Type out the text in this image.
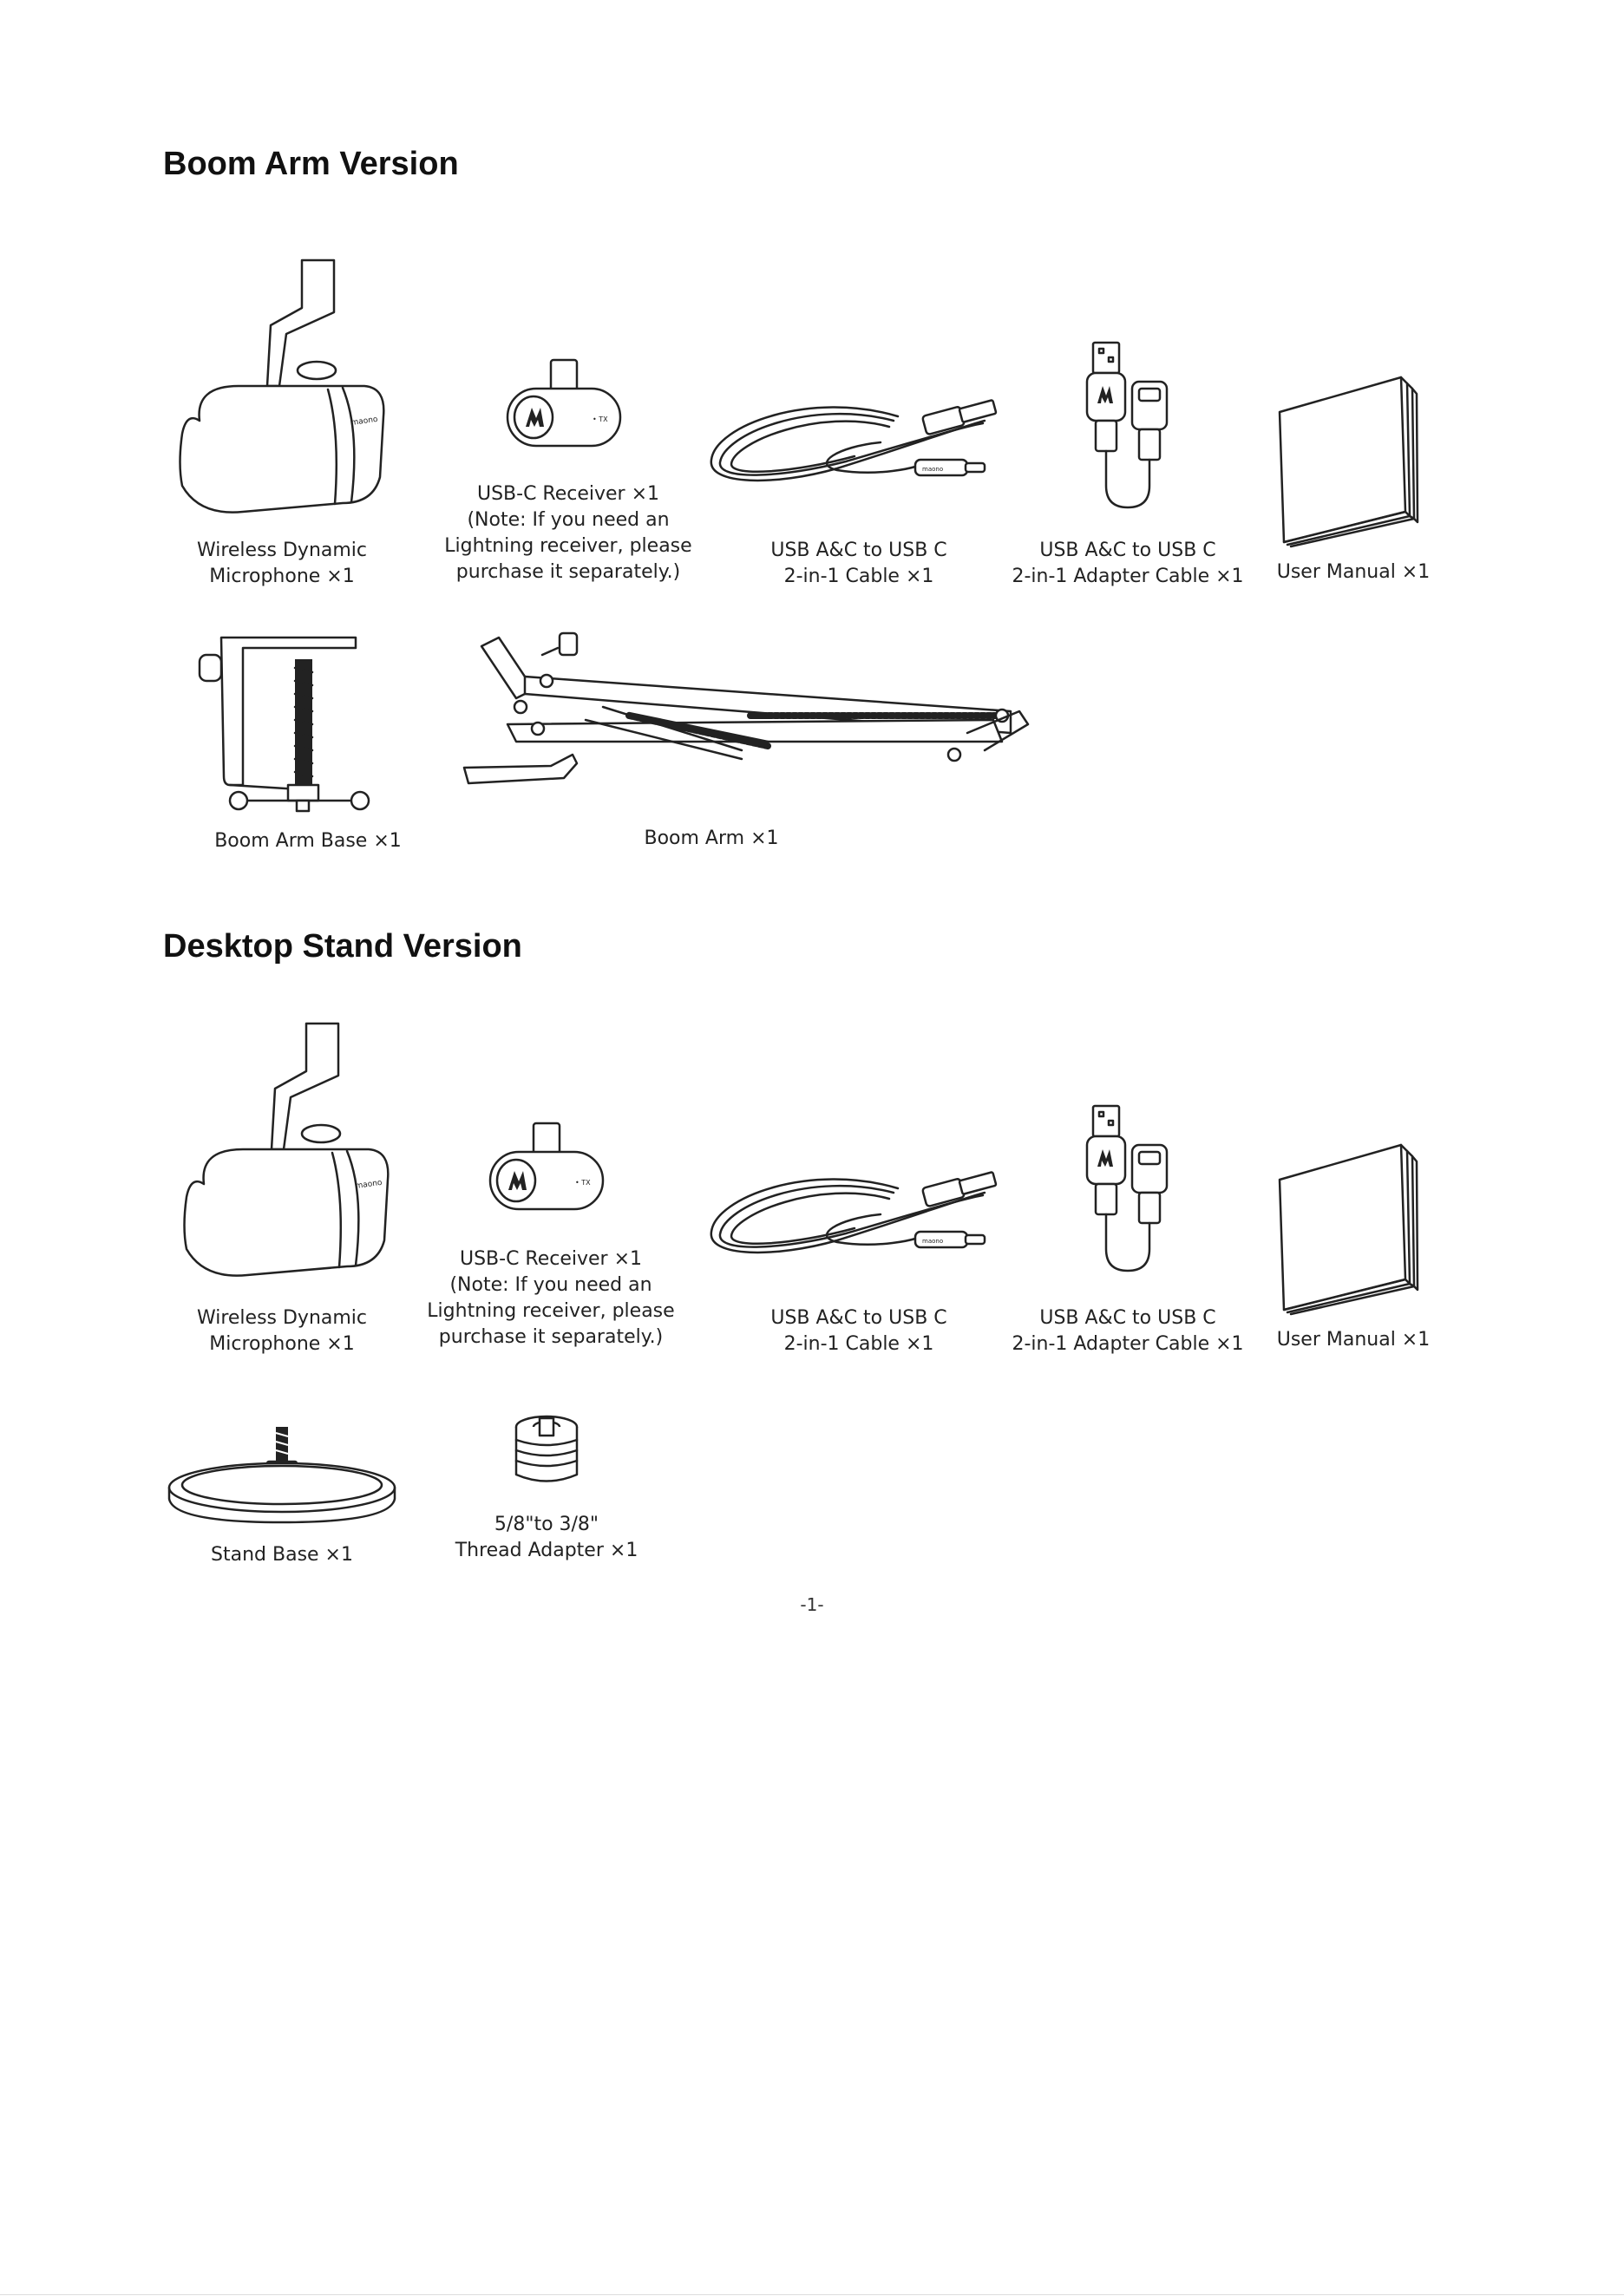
Boom Arm Version
maono
Wireless Dynamic
Microphone ×1
• TX
USB-C Receiver ×1
(Note: If you need an
Lightning receiver, please
purchase it separately.)
maono
USB A&C to USB C
2-in-1 Cable ×1
USB A&C to USB C
2-in-1 Adapter Cable ×1	User Manual ×1
Boom Arm Base ×1	Boom Arm ×1
Desktop Stand Version
maono
Wireless Dynamic
Microphone ×1
• TX
USB-C Receiver ×1
(Note: If you need an
Lightning receiver, please
purchase it separately.)
maono
USB A&C to USB C
2-in-1 Cable ×1
USB A&C to USB C
2-in-1 Adapter Cable ×1	User Manual ×1
Stand Base ×1
5/8"to 3/8"
Thread Adapter ×1
-1-
